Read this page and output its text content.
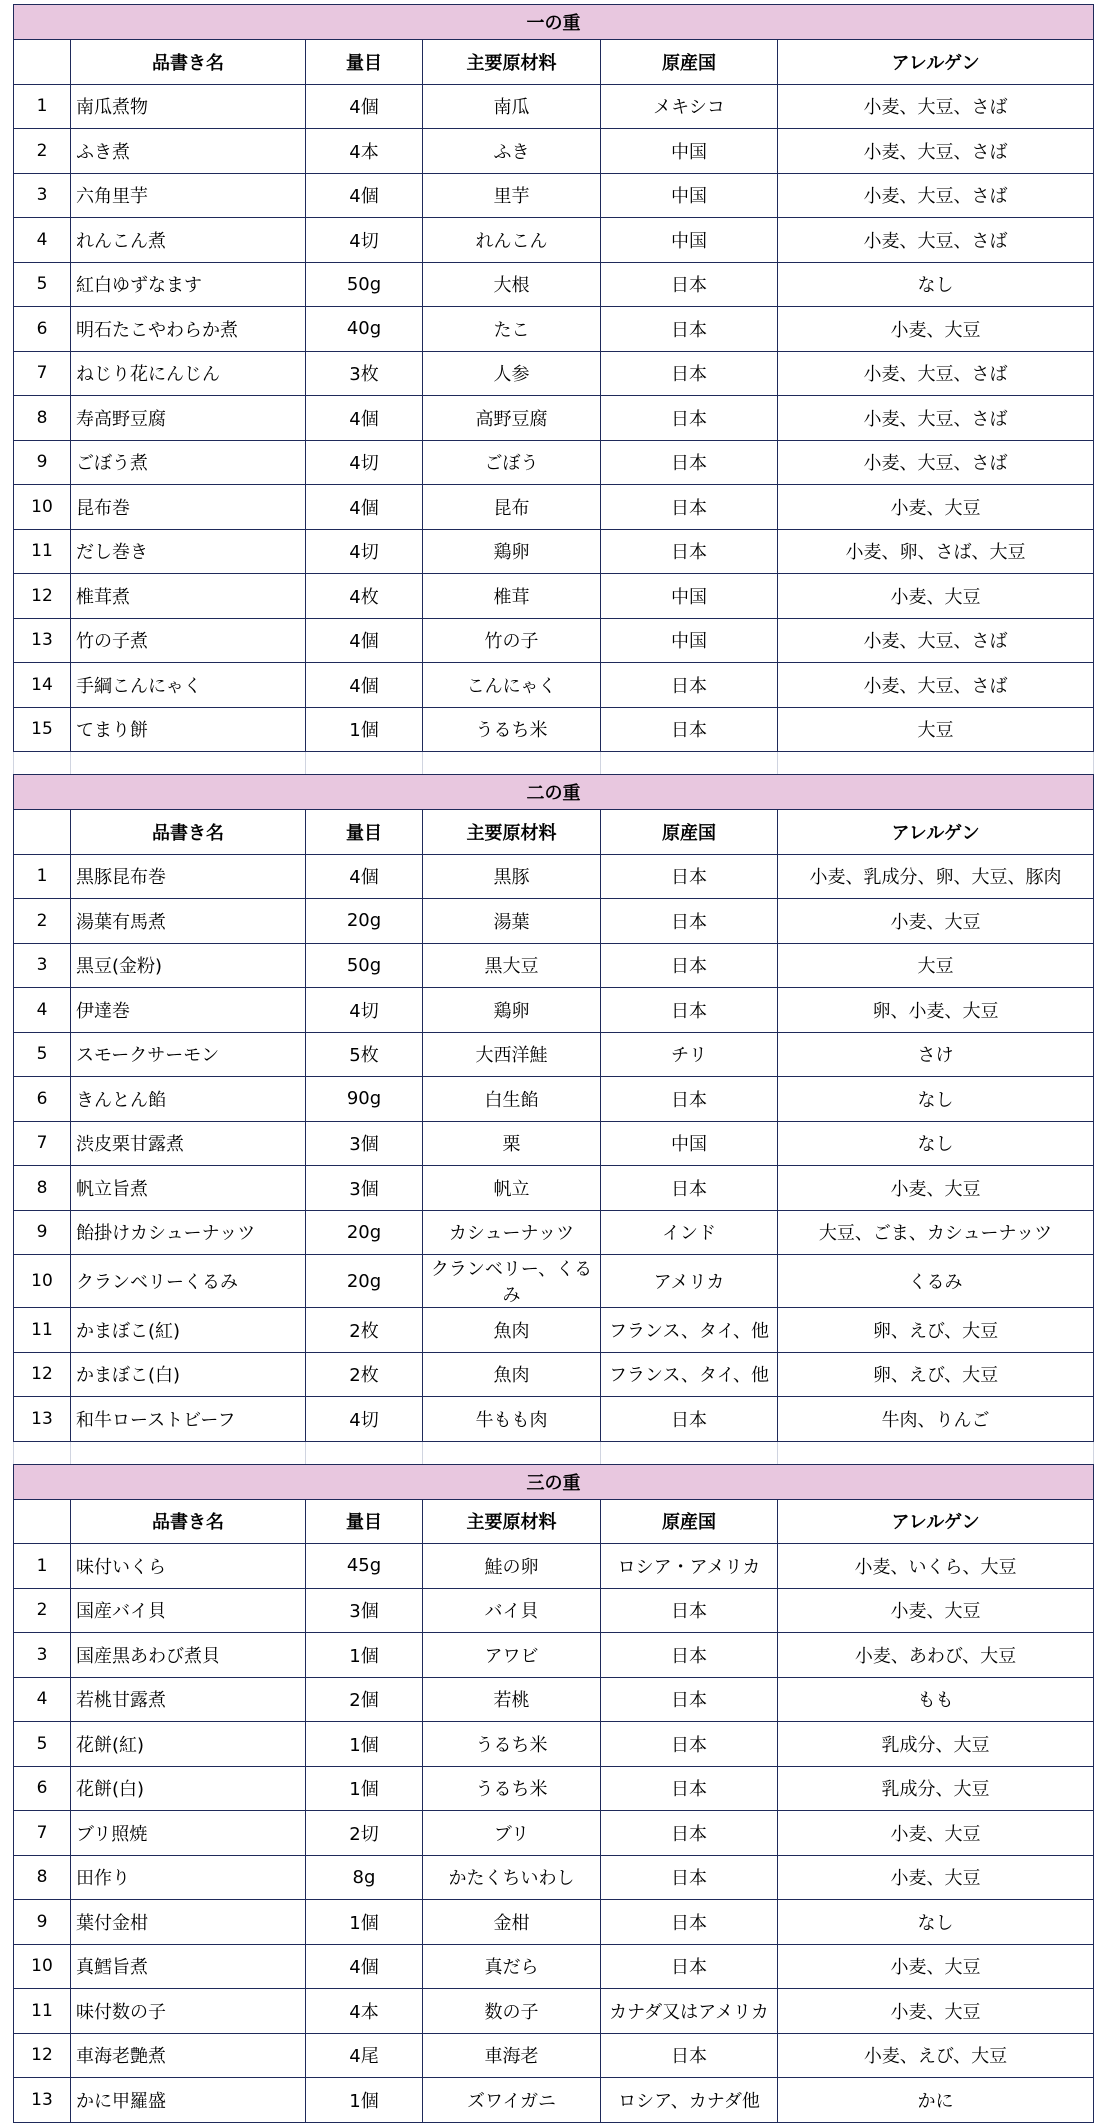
一の重					
	品書き名	量目	主要原材料	原産国	アレルゲン
1	南瓜煮物	4個	南瓜	メキシコ	小麦、大豆、さば
2	ふき煮	4本	ふき	中国	小麦、大豆、さば
3	六角里芋	4個	里芋	中国	小麦、大豆、さば
4	れんこん煮	4切	れんこん	中国	小麦、大豆、さば
5	紅白ゆずなます	50g	大根	日本	なし
6	明石たこやわらか煮	40g	たこ	日本	小麦、大豆
7	ねじり花にんじん	3枚	人参	日本	小麦、大豆、さば
8	寿高野豆腐	4個	高野豆腐	日本	小麦、大豆、さば
9	ごぼう煮	4切	ごぼう	日本	小麦、大豆、さば
10	昆布巻	4個	昆布	日本	小麦、大豆
11	だし巻き	4切	鶏卵	日本	小麦、卵、さば、大豆
12	椎茸煮	4枚	椎茸	中国	小麦、大豆
13	竹の子煮	4個	竹の子	中国	小麦、大豆、さば
14	手綱こんにゃく	4個	こんにゃく	日本	小麦、大豆、さば
15	てまり餅	1個	うるち米	日本	大豆

二の重					
	品書き名	量目	主要原材料	原産国	アレルゲン
1	黒豚昆布巻	4個	黒豚	日本	小麦、乳成分、卵、大豆、豚肉
2	湯葉有馬煮	20g	湯葉	日本	小麦、大豆
3	黒豆(金粉)	50g	黒大豆	日本	大豆
4	伊達巻	4切	鶏卵	日本	卵、小麦、大豆
5	スモークサーモン	5枚	大西洋鮭	チリ	さけ
6	きんとん餡	90g	白生餡	日本	なし
7	渋皮栗甘露煮	3個	栗	中国	なし
8	帆立旨煮	3個	帆立	日本	小麦、大豆
9	飴掛けカシューナッツ	20g	カシューナッツ	インド	大豆、ごま、カシューナッツ
10	クランベリーくるみ	20g	クランベリー、くるみ	アメリカ	くるみ
11	かまぼこ(紅)	2枚	魚肉	フランス、タイ、他	卵、えび、大豆
12	かまぼこ(白)	2枚	魚肉	フランス、タイ、他	卵、えび、大豆
13	和牛ローストビーフ	4切	牛もも肉	日本	牛肉、りんご

三の重					
	品書き名	量目	主要原材料	原産国	アレルゲン
1	味付いくら	45g	鮭の卵	ロシア・アメリカ	小麦、いくら、大豆
2	国産バイ貝	3個	バイ貝	日本	小麦、大豆
3	国産黒あわび煮貝	1個	アワビ	日本	小麦、あわび、大豆
4	若桃甘露煮	2個	若桃	日本	もも
5	花餅(紅)	1個	うるち米	日本	乳成分、大豆
6	花餅(白)	1個	うるち米	日本	乳成分、大豆
7	ブリ照焼	2切	ブリ	日本	小麦、大豆
8	田作り	8g	かたくちいわし	日本	小麦、大豆
9	葉付金柑	1個	金柑	日本	なし
10	真鱈旨煮	4個	真だら	日本	小麦、大豆
11	味付数の子	4本	数の子	カナダ又はアメリカ	小麦、大豆
12	車海老艶煮	4尾	車海老	日本	小麦、えび、大豆
13	かに甲羅盛	1個	ズワイガニ	ロシア、カナダ他	かに
